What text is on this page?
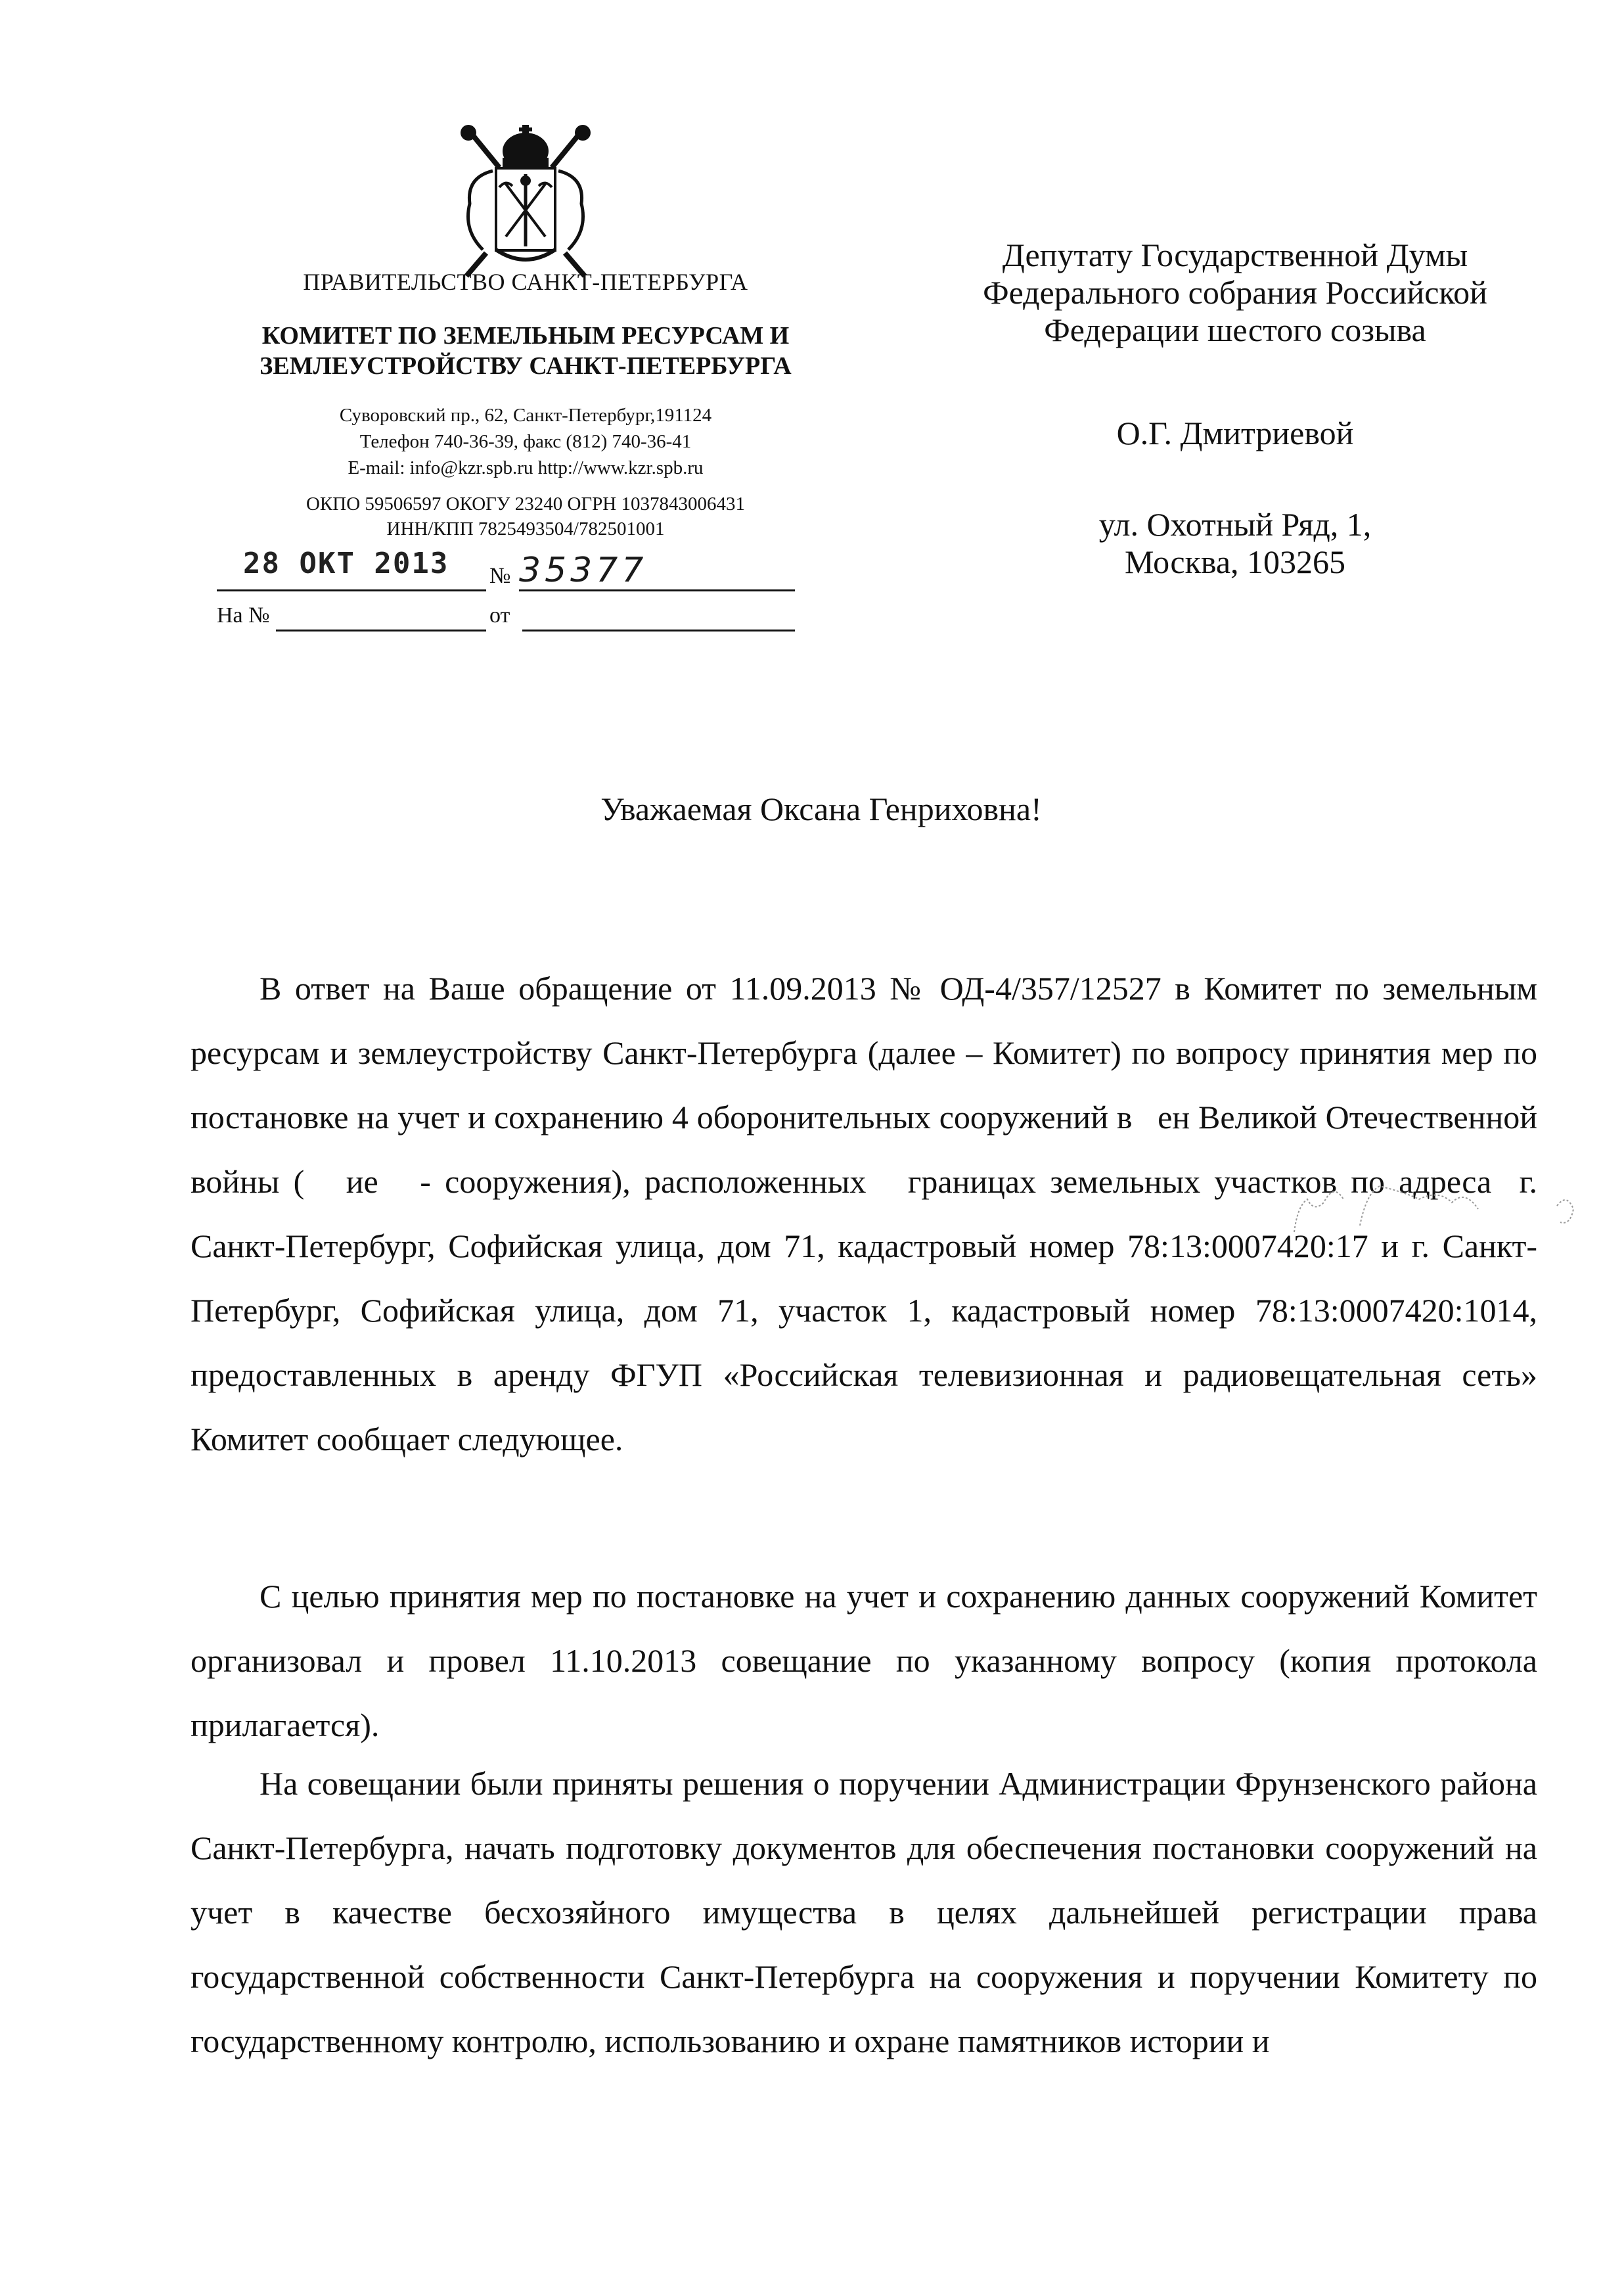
ПРАВИТЕЛЬСТВО САНКТ-ПЕТЕРБУРГА
КОМИТЕТ ПО ЗЕМЕЛЬНЫМ РЕСУРСАМ И
ЗЕМЛЕУСТРОЙСТВУ САНКТ-ПЕТЕРБУРГА
Суворовский пр., 62, Санкт-Петербург,191124
Телефон 740-36-39, факс (812) 740-36-41
E-mail: info@kzr.spb.ru http://www.kzr.spb.ru
ОКПО 59506597 ОКОГУ 23240 ОГРН 1037843006431
ИНН/КПП 7825493504/782501001
28 ОКТ 2013 № 35377
На №	от
Депутату Государственной Думы
Федерального собрания Российской
Федерации шестого созыва
О.Г. Дмитриевой
ул. Охотный Ряд, 1,
Москва, 103265
Уважаемая Оксана Генриховна!

В ответ на Ваше обращение от 11.09.2013 № ОД-4/357/12527 в Комитет по земельным ресурсам и землеустройству Санкт-Петербурга (далее – Комитет) по вопросу принятия мер по постановке на учет и сохранению 4 оборонительных сооружений в   ен Великой Отечественной войны (   ие   - сооружения), расположенных   границах земельных участков по адреса  г. Санкт-Петербург, Софийская улица, дом 71, кадастровый номер 78:13:0007420:17 и г. Санкт-Петербург, Софийская улица, дом 71, участок 1, кадастровый номер 78:13:0007420:1014, предоставленных в аренду ФГУП «Российская телевизионная и радиовещательная сеть» Комитет сообщает следующее.

С целью принятия мер по постановке на учет и сохранению данных сооружений Комитет организовал и провел 11.10.2013 совещание по указанному вопросу (копия протокола прилагается).

На совещании были приняты решения о поручении Администрации Фрунзенского района Санкт-Петербурга, начать подготовку документов для обеспечения постановки сооружений на учет в качестве бесхозяйного имущества в целях дальнейшей регистрации права государственной собственности Санкт-Петербурга на сооружения и поручении Комитету по государственному контролю, использованию и охране памятников истории и
